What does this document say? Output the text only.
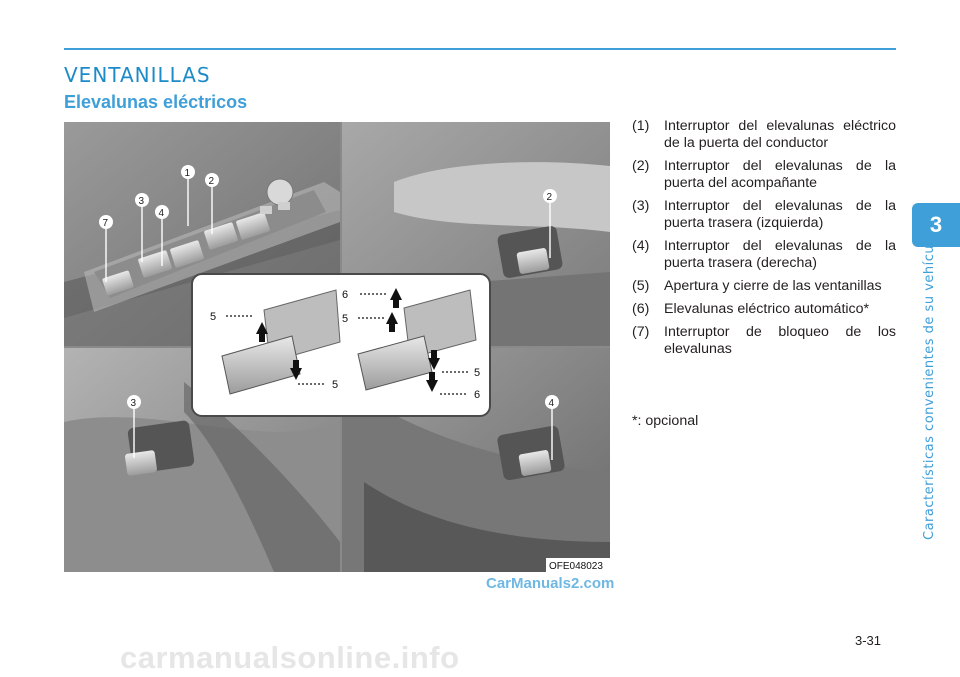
VENTANILLAS
Elevalunas eléctricos
1
2
3
4
7
2
3	4
5
5
6
5
5
6
OFE048023
(1) Interruptor del elevalunas eléctrico de la puerta del conductor
(2) Interruptor del elevalunas de la puerta del acompañante
(3) Interruptor del elevalunas de la puerta trasera (izquierda)
(4) Interruptor del elevalunas de la puerta trasera (derecha)
(5) Apertura y cierre de las ventanillas
(6) Elevalunas eléctrico automático*
(7) Interruptor de bloqueo de los elevalunas
*: opcional
3
Características convenientes de su vehículo
3-31
CarManuals2.com
carmanualsonline.info
